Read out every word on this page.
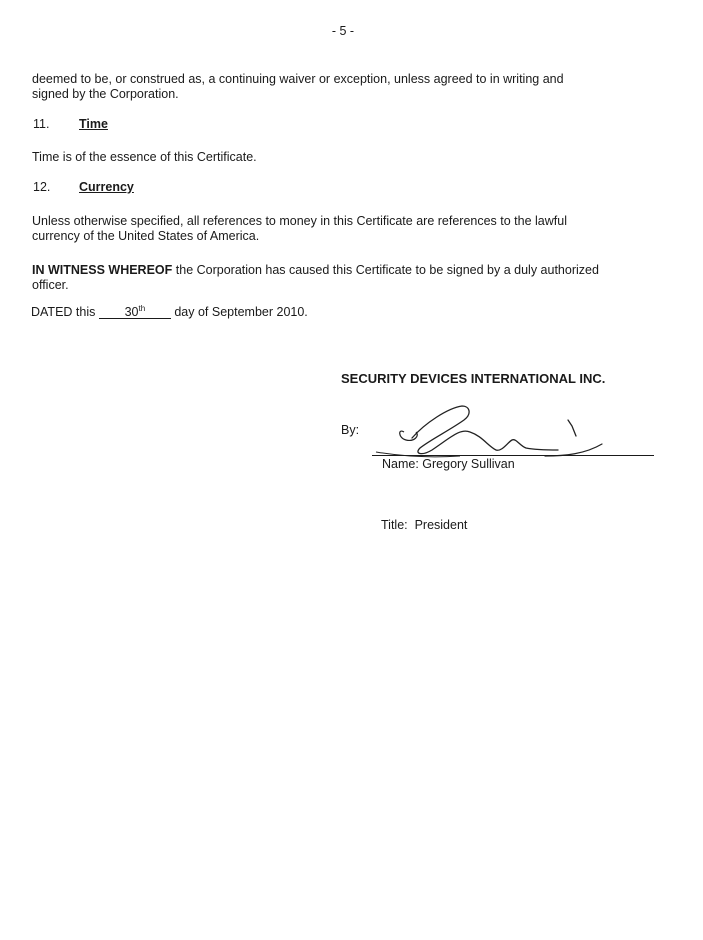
- 5 -
deemed to be, or construed as, a continuing waiver or exception, unless agreed to in writing and
signed by the Corporation.
11. Time
Time is of the essence of this Certificate.
12. Currency
Unless otherwise specified, all references to money in this Certificate are references to the lawful
currency of the United States of America.
IN WITNESS WHEREOF the Corporation has caused this Certificate to be signed by a duly authorized
officer.
DATED this 30th day of September 2010.
SECURITY DEVICES INTERNATIONAL INC.
By:
Name: Gregory Sullivan
Title:  President
